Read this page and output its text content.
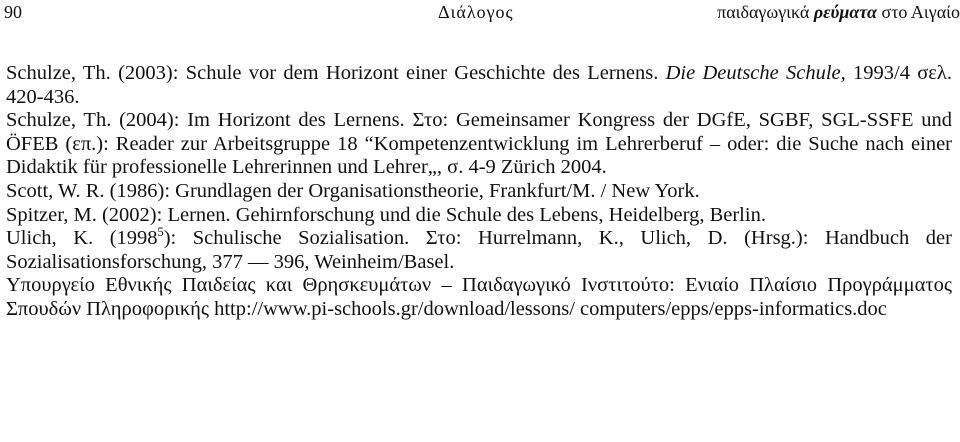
90	Διάλογος	παιδαγωγικά ρεύματα στο Αιγαίο

Schulze, Th. (2003): Schule vor dem Horizont einer Geschichte des Lernens. Die Deutsche Schule, 1993/4 σελ. 420-436.

Schulze, Th. (2004): Im Horizont des Lernens. Στο: Gemeinsamer Kongress der DGfE, SGBF, SGL-SSFE und ÖFEB (επ.): Reader zur Arbeitsgruppe 18 “Kompetenzentwicklung im Lehrerberuf – oder: die Suche nach einer Didaktik für professionelle Lehrerinnen und Lehrer„, σ. 4-9 Zürich 2004.

Scott, W. R. (1986): Grundlagen der Organisationstheorie, Frankfurt/M. / New York.

Spitzer, M. (2002): Lernen. Gehirnforschung und die Schule des Lebens, Heidelberg, Berlin.

Ulich, K. (1998$^5$): Schulische Sozialisation. Στο: Hurrelmann, K., Ulich, D. (Hrsg.): Handbuch der Sozialisationsforschung, 377 — 396, Weinheim/Basel.

Υπουργείο Εθνικής Παιδείας και Θρησκευμάτων – Παιδαγωγικό Ινστιτούτο: Ενιαίο Πλαίσιο Προγράμματος Σπουδών Πληροφορικής http://www.pi-schools.gr/download/lessons/ computers/epps/epps-informatics.doc
